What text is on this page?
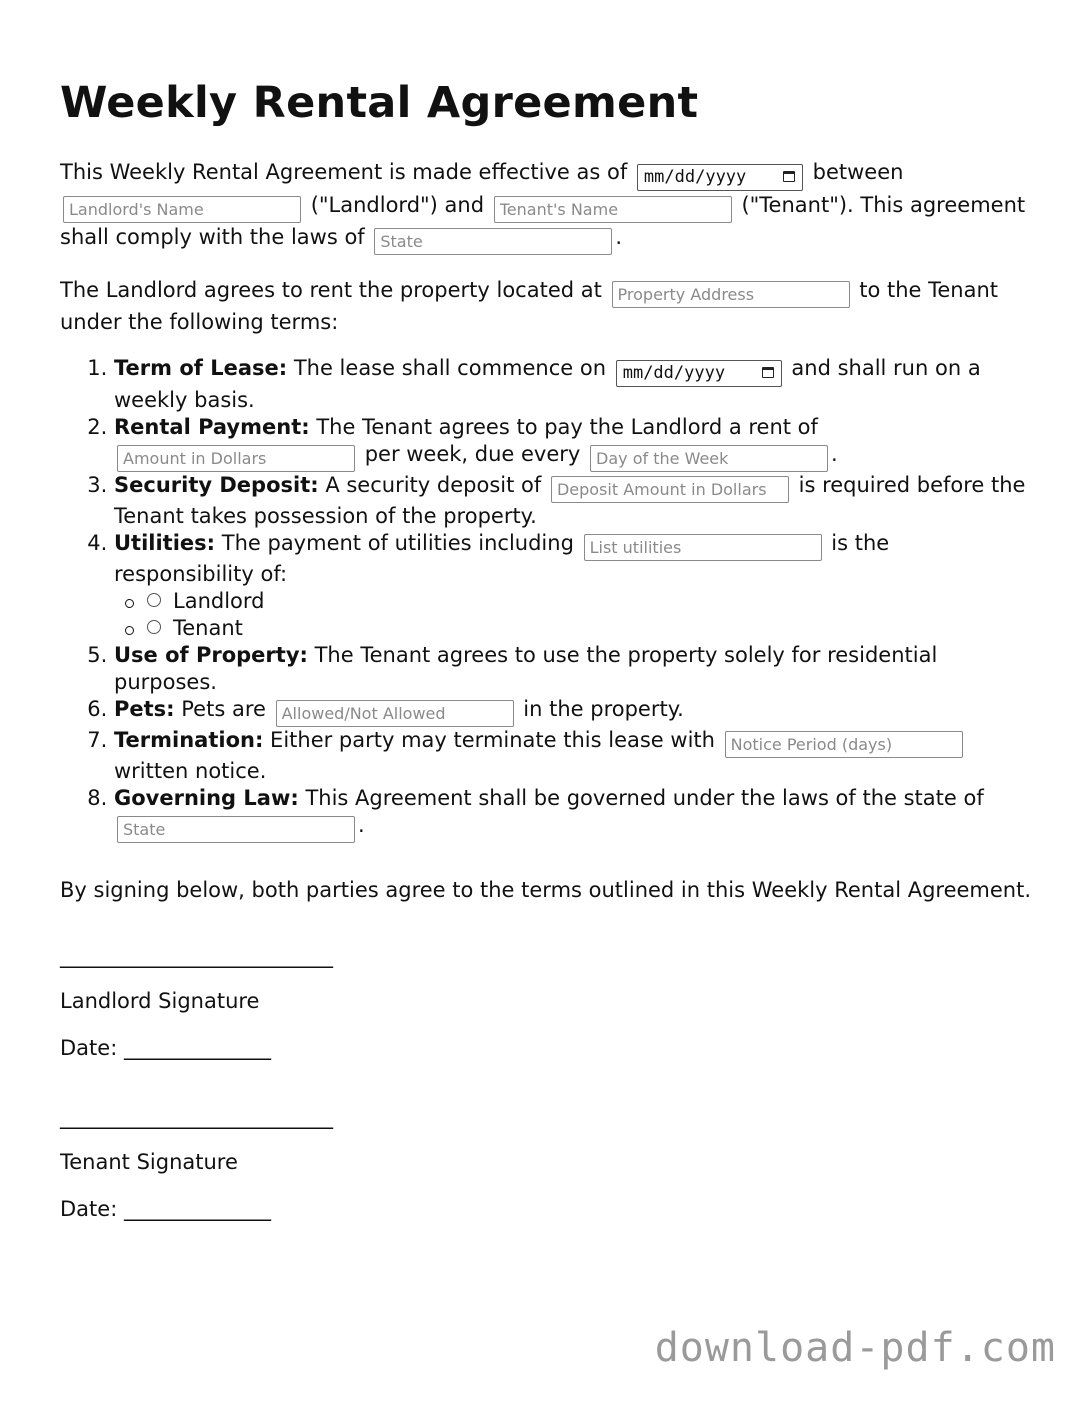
Weekly Rental Agreement

This Weekly Rental Agreement is made effective as of mm/dd/yyyy	between Landlord's Name ("Landlord") and Tenant's Name	("Tenant"). This agreement shall comply with the laws of State	.

The Landlord agrees to rent the property located at Property Address	to the Tenant under the following terms:

1. Term of Lease: The lease shall commence on mm/dd/yyyy	and shall run on a weekly basis.
2. Rental Payment: The Tenant agrees to pay the Landlord a rent of Amount in Dollars per week, due every Day of the Week	.
3. Security Deposit: A security deposit of Deposit Amount in Dollars	is required before the Tenant takes possession of the property.
4. Utilities: The payment of utilities including List utilities	is the responsibility of:
Landlord
Tenant
5. Use of Property: The Tenant agrees to use the property solely for residential purposes.
6. Pets: Pets are Allowed/Not Allowed	in the property.
7. Termination: Either party may terminate this lease with Notice Period (days) written notice.
8. Governing Law: This Agreement shall be governed under the laws of the state of State.

By signing below, both parties agree to the terms outlined in this Weekly Rental Agreement.

__________________________

Landlord Signature

Date: ______________

__________________________

Tenant Signature

Date: ______________

download-pdf.com
